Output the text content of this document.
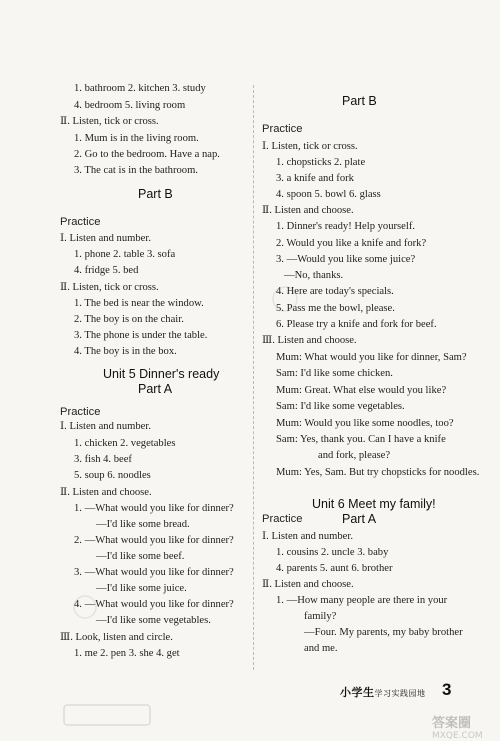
1. bathroom 2. kitchen 3. study
4. bedroom 5. living room
Ⅱ. Listen, tick or cross.
1. Mum is in the living room.
2. Go to the bedroom. Have a nap.
3. The cat is in the bathroom.
Ⅰ. Listen and number.
1. phone 2. table 3. sofa
4. fridge 5. bed
Ⅱ. Listen, tick or cross.
1. The bed is near the window.
2. The boy is on the chair.
3. The phone is under the table.
4. The boy is in the box.
Ⅰ. Listen and number.
1. chicken 2. vegetables
3. fish 4. beef
5. soup 6. noodles
Ⅱ. Listen and choose.
1. —What would you like for dinner?
—I'd like some bread.
2. —What would you like for dinner?
—I'd like some beef.
3. —What would you like for dinner?
—I'd like some juice.
4. —What would you like for dinner?
—I'd like some vegetables.
Ⅲ. Look, listen and circle.
1. me 2. pen 3. she 4. get
Part B
Unit 5 Dinner's ready
Part A
Practice
Practice
Ⅰ. Listen, tick or cross.
1. chopsticks 2. plate
3. a knife and fork
4. spoon 5. bowl 6. glass
Ⅱ. Listen and choose.
1. Dinner's ready! Help yourself.
2. Would you like a knife and fork?
3. —Would you like some juice?
—No, thanks.
4. Here are today's specials.
5. Pass me the bowl, please.
6. Please try a knife and fork for beef.
Ⅲ. Listen and choose.
Mum: What would you like for dinner, Sam?
Sam: I'd like some chicken.
Mum: Great. What else would you like?
Sam: I'd like some vegetables.
Mum: Would you like some noodles, too?
Sam: Yes, thank you. Can I have a knife
and fork, please?
Mum: Yes, Sam. But try chopsticks for noodles.
Ⅰ. Listen and number.
1. cousins 2. uncle 3. baby
4. parents 5. aunt 6. brother
Ⅱ. Listen and choose.
1. —How many people are there in your
family?
—Four. My parents, my baby brother
and me.
Part B
Unit 6 Meet my family!
Part A
Practice
Practice
小学生学习实践园地 3
答案圈
MXQE.COM
